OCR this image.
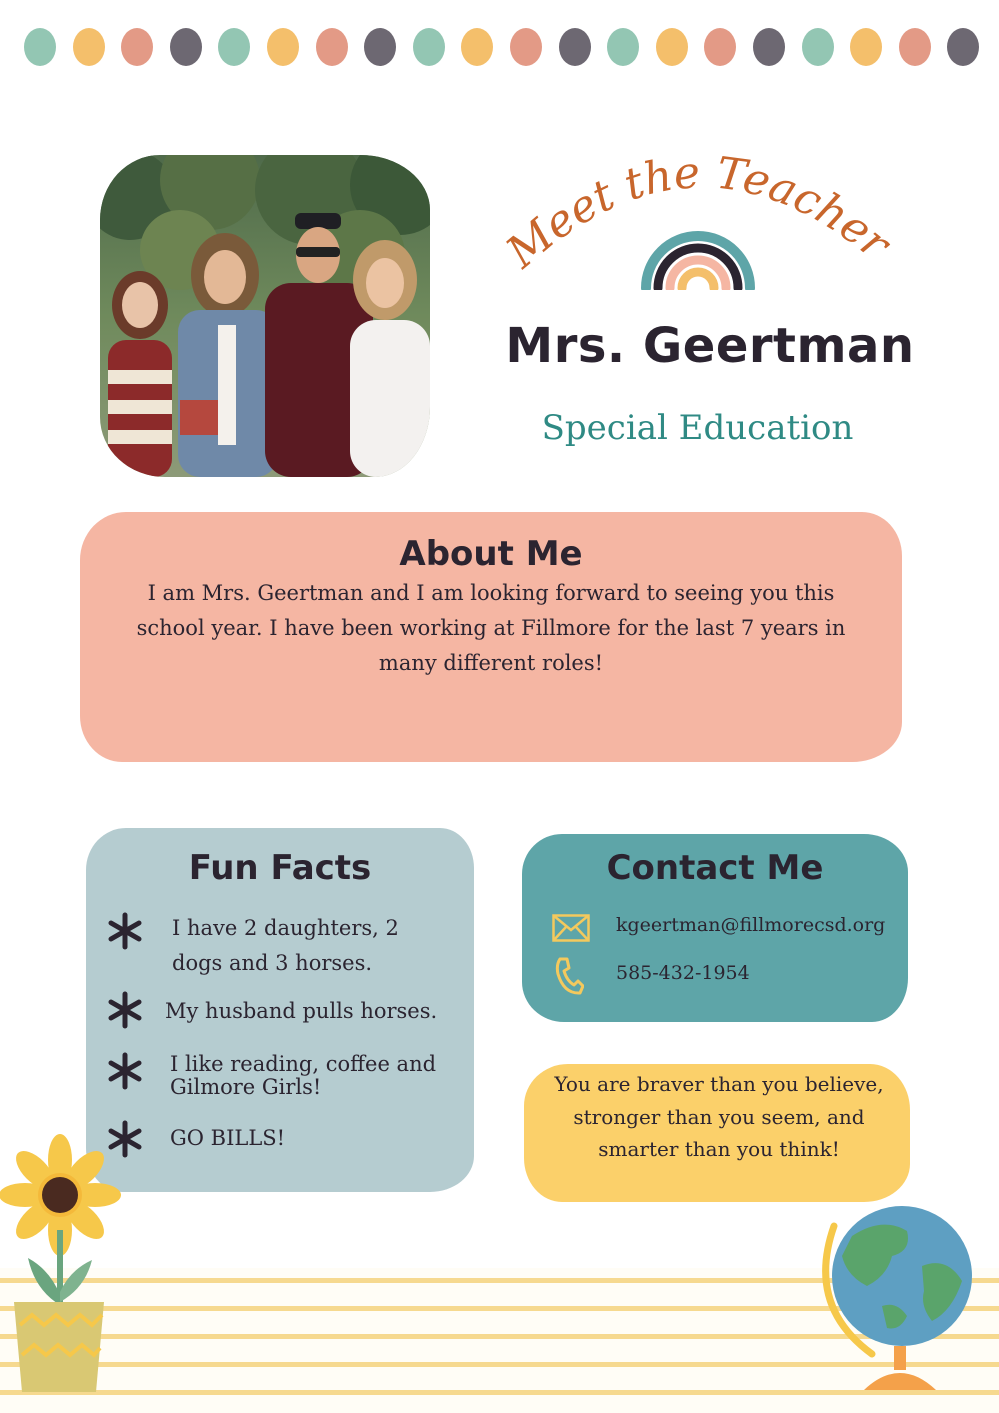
Meet the Teacher
Mrs. Geertman
Special Education
About Me
I am Mrs. Geertman and I am looking forward to seeing you this school year. I have been working at Fillmore for the last 7 years in many different roles!
Fun Facts
I have 2 daughters, 2
dogs and 3 horses.
My husband pulls horses.
I like reading, coffee and
Gilmore Girls!
GO BILLS!
Contact Me
kgeertman@fillmorecsd.org
585-432-1954
You are braver than you believe, stronger than you seem, and smarter than you think!
